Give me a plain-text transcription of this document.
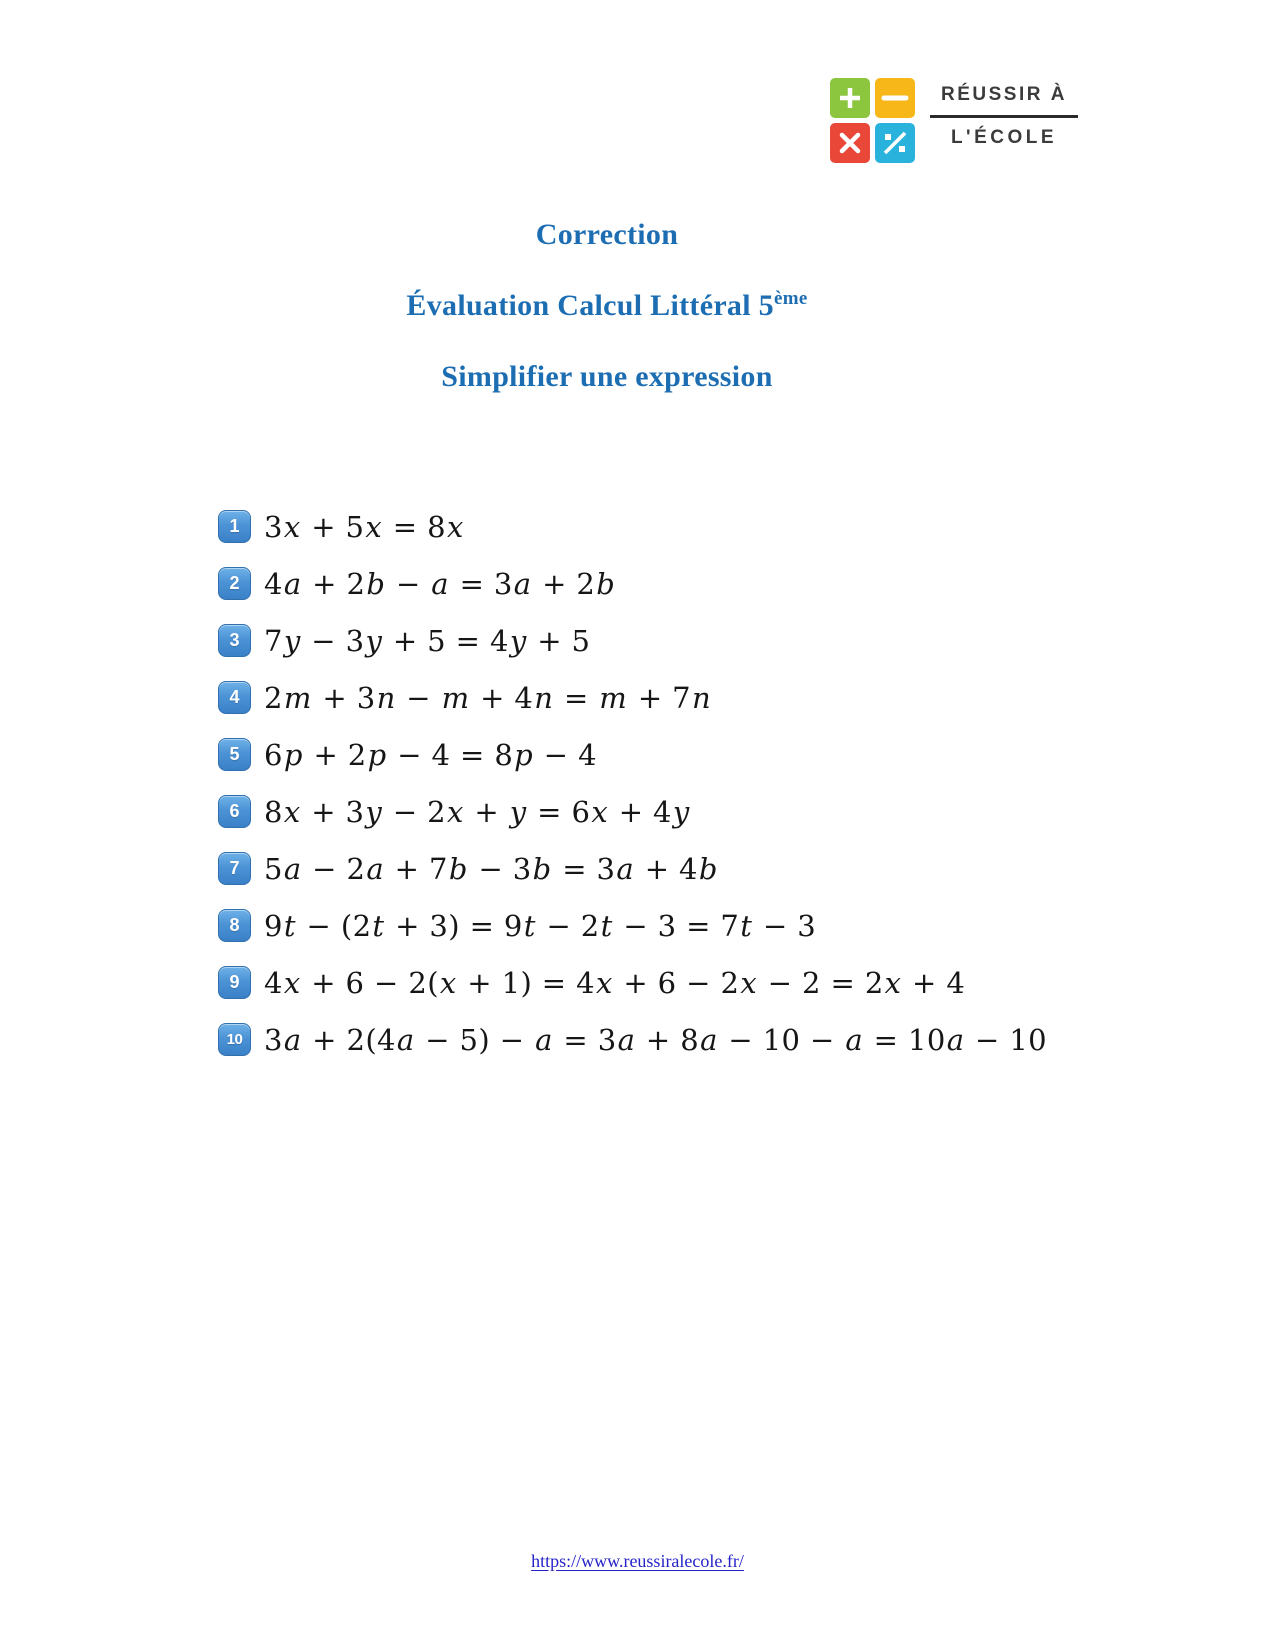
RÉUSSIR À
L'ÉCOLE
Correction
Évaluation Calcul Littéral 5ème
Simplifier une expression
1 3x + 5x = 8x
2 4a + 2b − a = 3a + 2b
3 7y − 3y + 5 = 4y + 5
4 2m + 3n − m + 4n = m + 7n
5 6p + 2p − 4 = 8p − 4
6 8x + 3y − 2x + y = 6x + 4y
7 5a − 2a + 7b − 3b = 3a + 4b
8 9t − (2t + 3) = 9t − 2t − 3 = 7t − 3
9 4x + 6 − 2(x + 1) = 4x + 6 − 2x − 2 = 2x + 4
10 3a + 2(4a − 5) − a = 3a + 8a − 10 − a = 10a − 10
https://www.reussiralecole.fr/
